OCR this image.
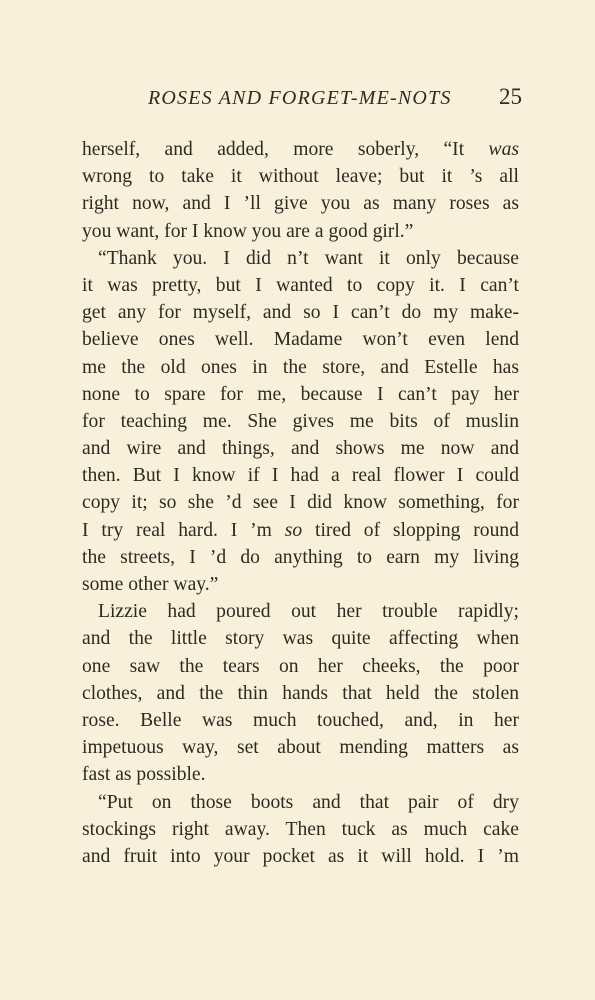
ROSES AND FORGET-ME-NOTS 25
herself, and added, more soberly, “It was
wrong to take it without leave; but it ’s all
right now, and I ’ll give you as many roses as
you want, for I know you are a good girl.”
“Thank you. I did n’t want it only because
it was pretty, but I wanted to copy it. I can’t
get any for myself, and so I can’t do my make-
believe ones well. Madame won’t even lend
me the old ones in the store, and Estelle has
none to spare for me, because I can’t pay her
for teaching me. She gives me bits of muslin
and wire and things, and shows me now and
then. But I know if I had a real flower I could
copy it; so she ’d see I did know something, for
I try real hard. I ’m so tired of slopping round
the streets, I ’d do anything to earn my living
some other way.”
Lizzie had poured out her trouble rapidly;
and the little story was quite affecting when
one saw the tears on her cheeks, the poor
clothes, and the thin hands that held the stolen
rose. Belle was much touched, and, in her
impetuous way, set about mending matters as
fast as possible.
“Put on those boots and that pair of dry
stockings right away. Then tuck as much cake
and fruit into your pocket as it will hold. I ’m
